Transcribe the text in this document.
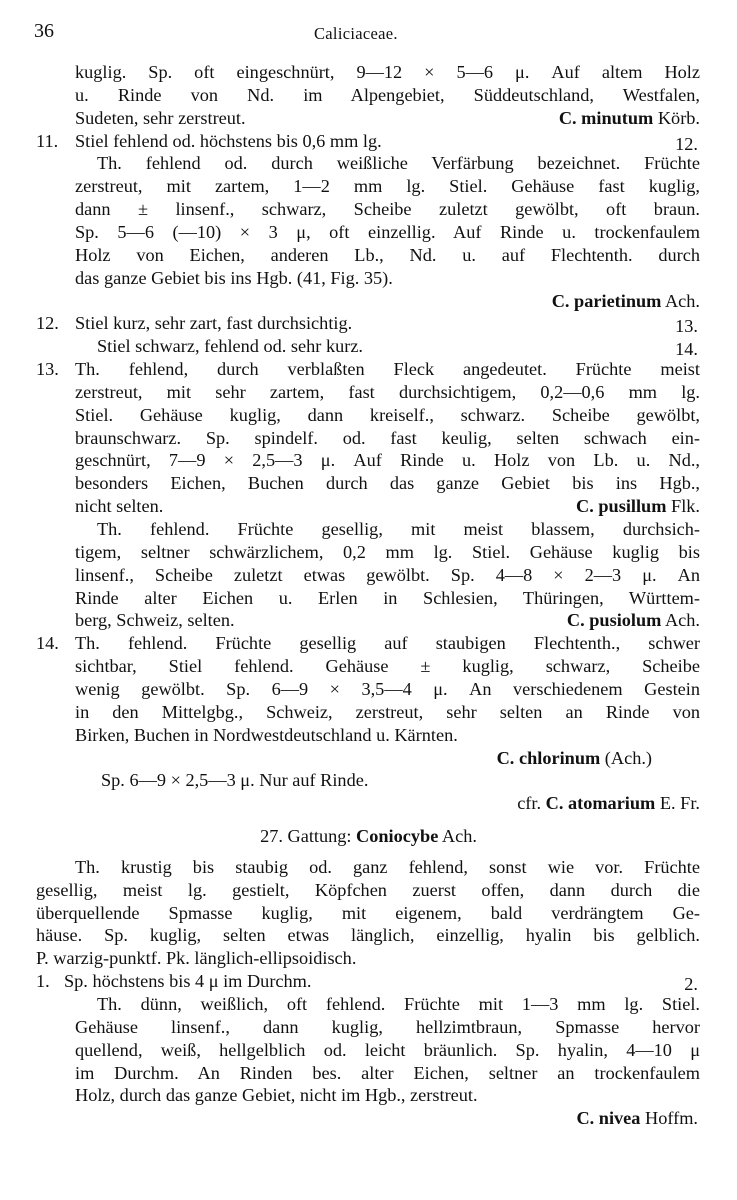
36	Caliciaceae.
kuglig. Sp. oft eingeschnürt, 9—12 × 5—6 μ. Auf altem Holz
u. Rinde von Nd. im Alpengebiet, Süddeutschland, Westfalen,
C. minutum Körb.
Sudeten, sehr zerstreut.
11.	12.
Stiel fehlend od. höchstens bis 0,6 mm lg.
Th. fehlend od. durch weißliche Verfärbung bezeichnet. Früchte
zerstreut, mit zartem, 1—2 mm lg. Stiel. Gehäuse fast kuglig,
dann ± linsenf., schwarz, Scheibe zuletzt gewölbt, oft braun.
Sp. 5—6 (—10) × 3 μ, oft einzellig. Auf Rinde u. trockenfaulem
Holz von Eichen, anderen Lb., Nd. u. auf Flechtenth. durch
das ganze Gebiet bis ins Hgb. (41, Fig. 35).
C. parietinum Ach.
12.	13.
Stiel kurz, sehr zart, fast durchsichtig.
14.
Stiel schwarz, fehlend od. sehr kurz.
13. Th. fehlend, durch verblaßten Fleck angedeutet. Früchte meist
zerstreut, mit sehr zartem, fast durchsichtigem, 0,2—0,6 mm lg.
Stiel. Gehäuse kuglig, dann kreiself., schwarz. Scheibe gewölbt,
braunschwarz. Sp. spindelf. od. fast keulig, selten schwach ein-
geschnürt, 7—9 × 2,5—3 μ. Auf Rinde u. Holz von Lb. u. Nd.,
besonders Eichen, Buchen durch das ganze Gebiet bis ins Hgb.,
C. pusillum Flk.
nicht selten.
Th. fehlend. Früchte gesellig, mit meist blassem, durchsich-
tigem, seltner schwärzlichem, 0,2 mm lg. Stiel. Gehäuse kuglig bis
linsenf., Scheibe zuletzt etwas gewölbt. Sp. 4—8 × 2—3 μ. An
Rinde alter Eichen u. Erlen in Schlesien, Thüringen, Württem-
C. pusiolum Ach.
berg, Schweiz, selten.
14. Th. fehlend. Früchte gesellig auf staubigen Flechtenth., schwer
sichtbar, Stiel fehlend. Gehäuse ± kuglig, schwarz, Scheibe
wenig gewölbt. Sp. 6—9 × 3,5—4 μ. An verschiedenem Gestein
in den Mittelgbg., Schweiz, zerstreut, sehr selten an Rinde von
Birken, Buchen in Nordwestdeutschland u. Kärnten.
C. chlorinum (Ach.)
Sp. 6—9 × 2,5—3 μ. Nur auf Rinde.
cfr. C. atomarium E. Fr.
27. Gattung: Coniocybe Ach.
Th. krustig bis staubig od. ganz fehlend, sonst wie vor. Früchte
gesellig, meist lg. gestielt, Köpfchen zuerst offen, dann durch die
überquellende Spmasse kuglig, mit eigenem, bald verdrängtem Ge-
häuse. Sp. kuglig, selten etwas länglich, einzellig, hyalin bis gelblich.
P. warzig-punktf. Pk. länglich-ellipsoidisch.
1.	2.
Sp. höchstens bis 4 μ im Durchm.
Th. dünn, weißlich, oft fehlend. Früchte mit 1—3 mm lg. Stiel.
Gehäuse linsenf., dann kuglig, hellzimtbraun, Spmasse hervor
quellend, weiß, hellgelblich od. leicht bräunlich. Sp. hyalin, 4—10 μ
im Durchm. An Rinden bes. alter Eichen, seltner an trockenfaulem
Holz, durch das ganze Gebiet, nicht im Hgb., zerstreut.
C. nivea Hoffm.
